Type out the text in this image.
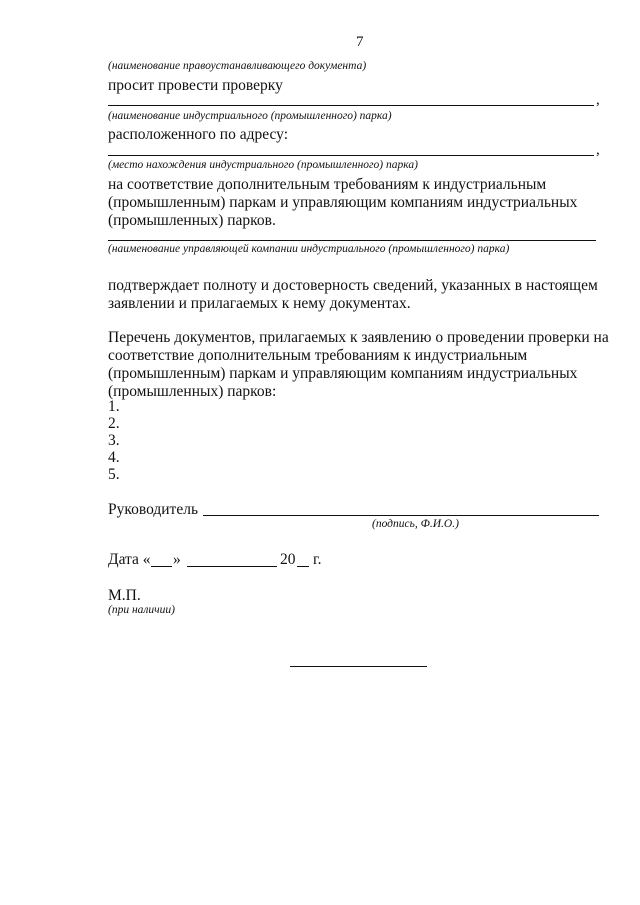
7
(наименование правоустанавливающего документа)
просит провести проверку
,
(наименование индустриального (промышленного) парка)
расположенного по адресу:
,
(место нахождения индустриального (промышленного) парка)
на соответствие дополнительным требованиям к индустриальным
(промышленным) паркам и управляющим компаниям индустриальных
(промышленных) парков.
(наименование управляющей компании индустриального (промышленного) парка)
подтверждает полноту и достоверность сведений, указанных в настоящем
заявлении и прилагаемых к нему документах.
Перечень документов, прилагаемых к заявлению о проведении проверки на
соответствие дополнительным требованиям к индустриальным
(промышленным) паркам и управляющим компаниям индустриальных
(промышленных) парков:
1.
2.
3.
4.
5.
Руководитель
(подпись, Ф.И.О.)
Дата « »	20 г.
М.П.
(при наличии)
